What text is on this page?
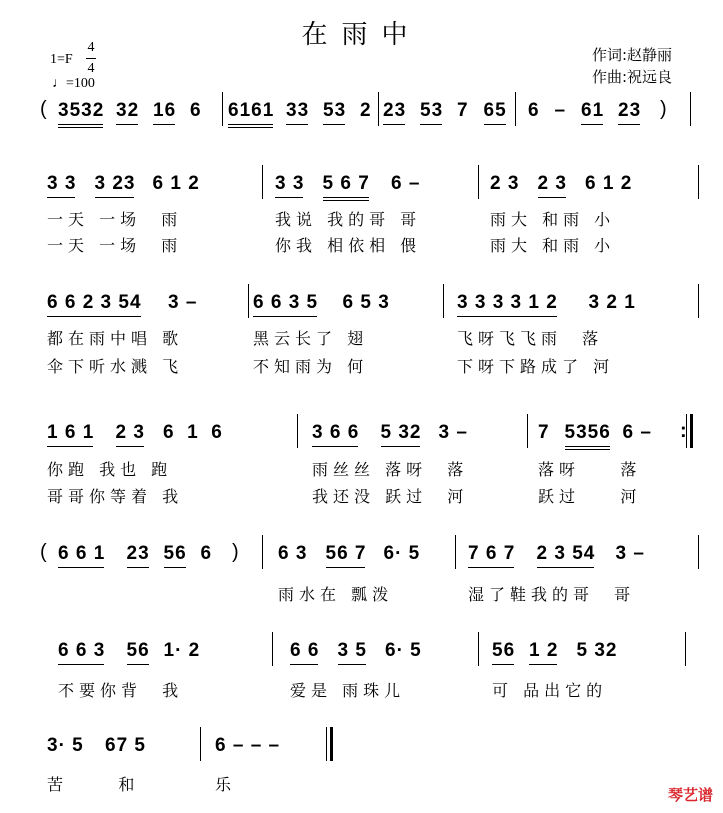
在雨中
1=F
4
4
♩=100
作词:赵静丽
作曲:祝远良
( 3532 32 16 6 6161 33 53 2 23 53 7 65 6 – 61 23 )
3 3 3 23 6 1 2	3 3 5 6 7 6 –	2 3 2 3 6 1 2
一天 一场  雨	我说 我的哥 哥	雨大 和雨 小
一天 一场  雨	你我 相依相 偎	雨大 和雨 小
6 6 2 3 54 3 –	6 6 3 5 6 5 3	3 3 3 3 1 2 3 2 1
都在雨中唱 歌	黑云长了 翅	飞呀飞飞雨  落
伞下听水溅 飞	不知雨为 何	下呀下路成了 河
1 6 1 2 3 6  1  6	3 6 6 5 32 3 –	7 5356 6 – :
你跑 我也 跑	雨丝丝 落呀  落	落呀    落
哥哥你等着 我	我还没 跃过  河	跃过    河
( 6 6 1 23 56 6	6 3 56 7 6· 5	7 6 7 2 3 54 3 –
)
雨水在 瓢泼	湿了鞋我的哥  哥
6 6 3 56 1· 2	6 6 3 5 6· 5	56 1 2 5 32
不要你背  我	爱是 雨珠儿	可 品出它的
3· 5 67 5	6 – – –
苦     和	乐
琴艺谱
